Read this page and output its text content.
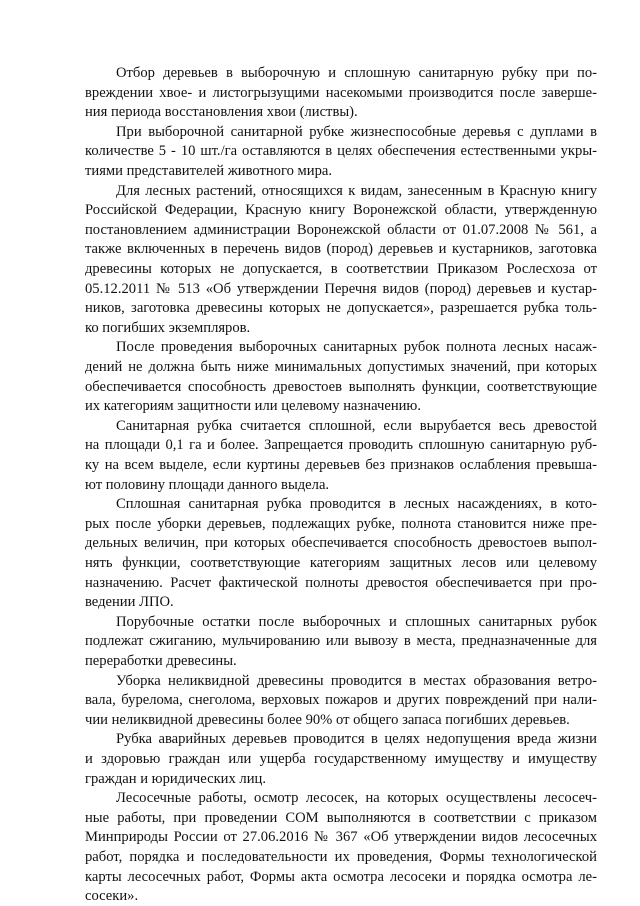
Отбор деревьев в выборочную и сплошную санитарную рубку при по-
вреждении хвое- и листогрызущими насекомыми производится после заверше-
ния периода восстановления хвои (листвы).
При выборочной санитарной рубке жизнеспособные деревья с дуплами в
количестве 5 - 10 шт./га оставляются в целях обеспечения естественными укры-
тиями представителей животного мира.
Для лесных растений, относящихся к видам, занесенным в Красную книгу
Российской Федерации, Красную книгу Воронежской области, утвержденную
постановлением администрации Воронежской области от 01.07.2008 № 561, а
также включенных в перечень видов (пород) деревьев и кустарников, заготовка
древесины которых не допускается, в соответствии Приказом Рослесхоза от
05.12.2011 № 513 «Об утверждении Перечня видов (пород) деревьев и кустар-
ников, заготовка древесины которых не допускается», разрешается рубка толь-
ко погибших экземпляров.
После проведения выборочных санитарных рубок полнота лесных насаж-
дений не должна быть ниже минимальных допустимых значений, при которых
обеспечивается способность древостоев выполнять функции, соответствующие
их категориям защитности или целевому назначению.
Санитарная рубка считается сплошной, если вырубается весь древостой
на площади 0,1 га и более. Запрещается проводить сплошную санитарную руб-
ку на всем выделе, если куртины деревьев без признаков ослабления превыша-
ют половину площади данного выдела.
Сплошная санитарная рубка проводится в лесных насаждениях, в кото-
рых после уборки деревьев, подлежащих рубке, полнота становится ниже пре-
дельных величин, при которых обеспечивается способность древостоев выпол-
нять функции, соответствующие категориям защитных лесов или целевому
назначению. Расчет фактической полноты древостоя обеспечивается при про-
ведении ЛПО.
Порубочные остатки после выборочных и сплошных санитарных рубок
подлежат сжиганию, мульчированию или вывозу в места, предназначенные для
переработки древесины.
Уборка неликвидной древесины проводится в местах образования ветро-
вала, бурелома, снеголома, верховых пожаров и других повреждений при нали-
чии неликвидной древесины более 90% от общего запаса погибших деревьев.
Рубка аварийных деревьев проводится в целях недопущения вреда жизни
и здоровью граждан или ущерба государственному имуществу и имуществу
граждан и юридических лиц.
Лесосечные работы, осмотр лесосек, на которых осуществлены лесосеч-
ные работы, при проведении СОМ выполняются в соответствии с приказом
Минприроды России от 27.06.2016 № 367 «Об утверждении видов лесосечных
работ, порядка и последовательности их проведения, Формы технологической
карты лесосечных работ, Формы акта осмотра лесосеки и порядка осмотра ле-
сосеки».
